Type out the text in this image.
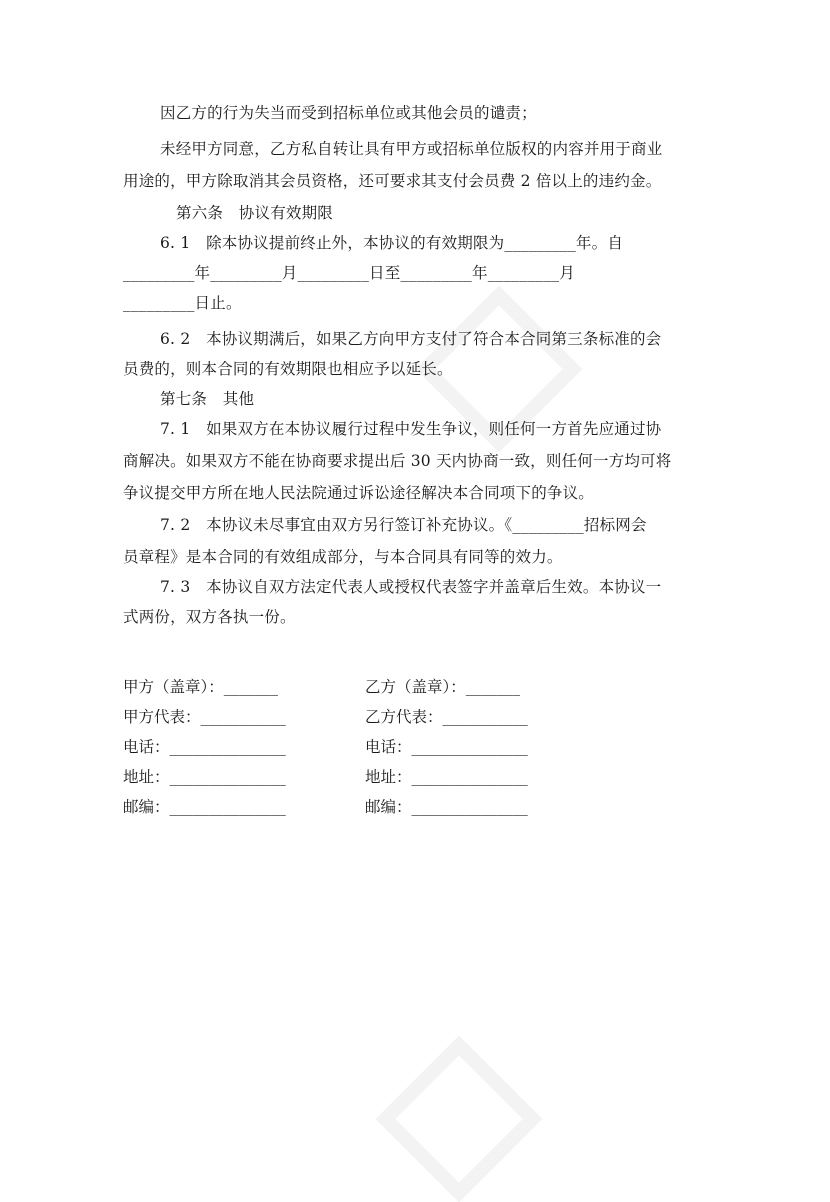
因乙方的行为失当而受到招标单位或其他会员的谴责；
未经甲方同意，乙方私自转让具有甲方或招标单位版权的内容并用于商业
用途的，甲方除取消其会员资格，还可要求其支付会员费 2 倍以上的违约金。
第六条　协议有效期限
6. 1　除本协议提前终止外，本协议的有效期限为_________年。自
_________年_________月_________日至_________年_________月
_________日止。
6. 2　本协议期满后，如果乙方向甲方支付了符合本合同第三条标准的会
员费的，则本合同的有效期限也相应予以延长。
第七条　其他
7. 1　如果双方在本协议履行过程中发生争议，则任何一方首先应通过协
商解决。如果双方不能在协商要求提出后 30 天内协商一致，则任何一方均可将
争议提交甲方所在地人民法院通过诉讼途径解决本合同项下的争议。
7. 2　本协议未尽事宜由双方另行签订补充协议。《_________招标网会
员章程》是本合同的有效组成部分，与本合同具有同等的效力。
7. 3　本协议自双方法定代表人或授权代表签字并盖章后生效。本协议一
式两份，双方各执一份。
甲方（盖章）：_______
甲方代表：___________
电话：_______________
地址：_______________
邮编：_______________
乙方（盖章）：_______
乙方代表：___________
电话：_______________
地址：_______________
邮编：_______________
